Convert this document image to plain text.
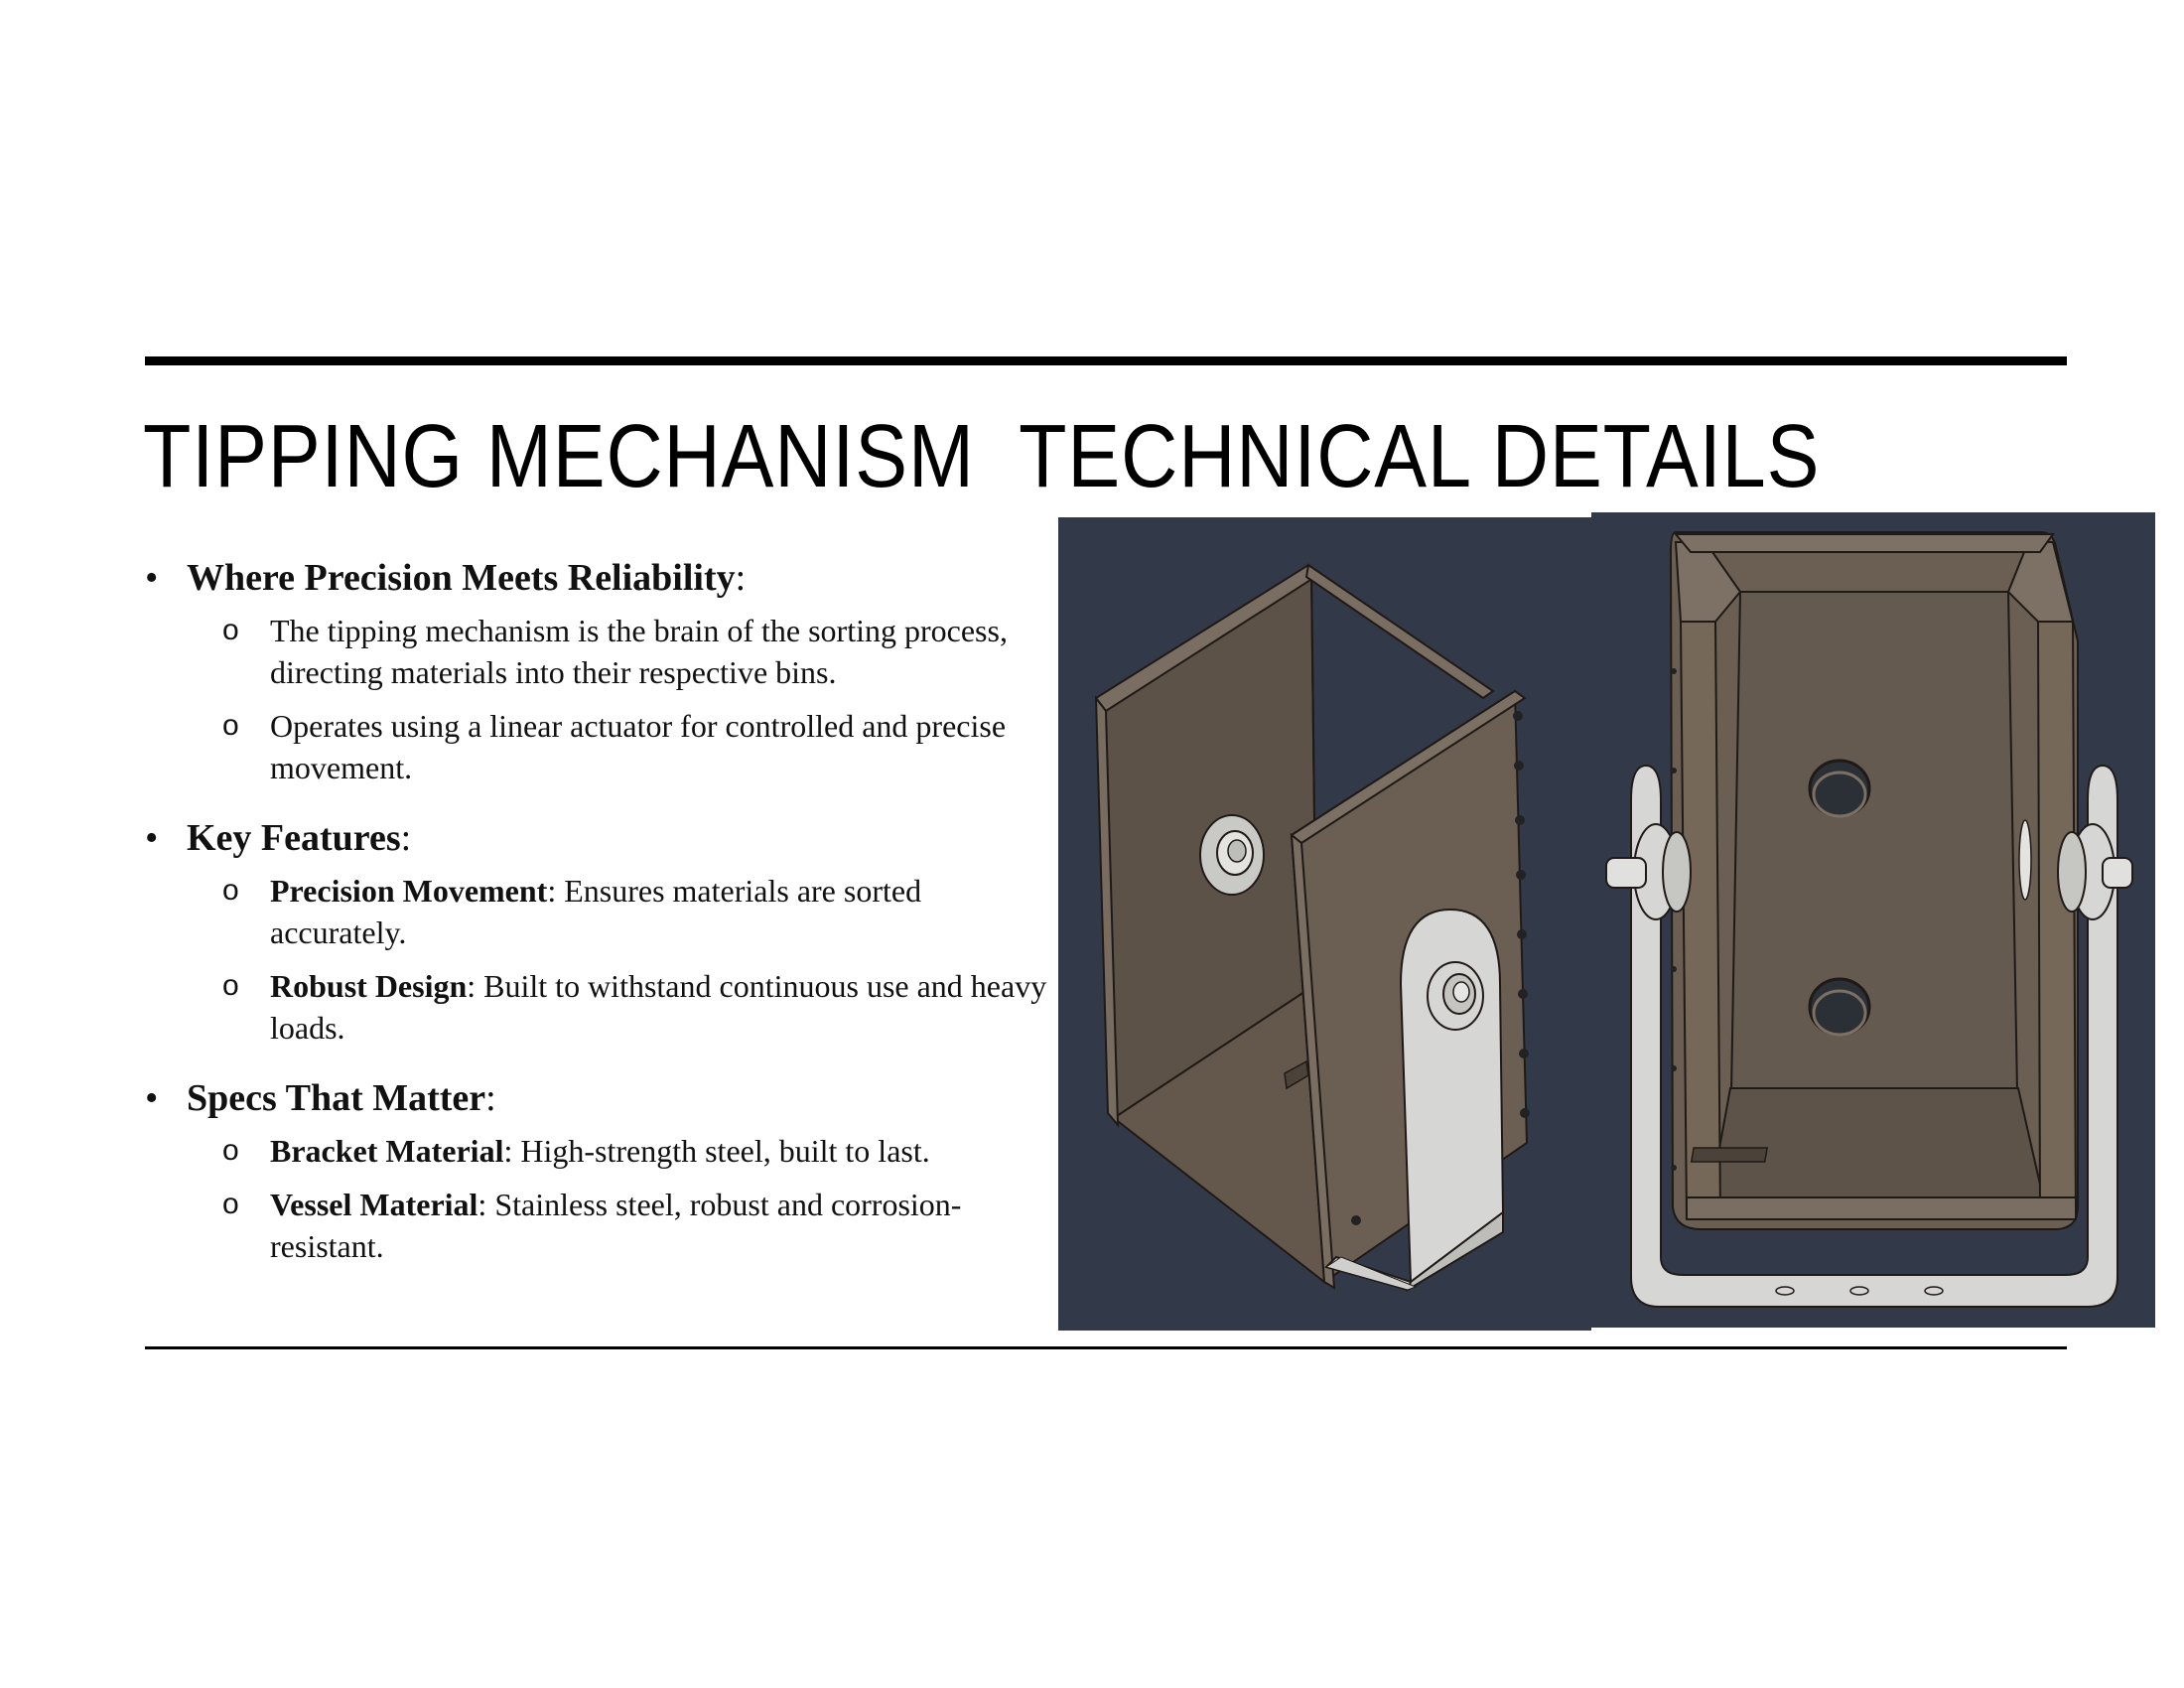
TIPPING MECHANISM  TECHNICAL DETAILS
• Where Precision Meets Reliability:
o The tipping mechanism is the brain of the sorting process, directing materials into their respective bins.
o Operates using a linear actuator for controlled and precise movement.
• Key Features:
o Precision Movement: Ensures materials are sorted accurately.
o Robust Design: Built to withstand continuous use and heavy loads.
• Specs That Matter:
o Bracket Material: High-strength steel, built to last.
o Vessel Material: Stainless steel, robust and corrosion-resistant.
